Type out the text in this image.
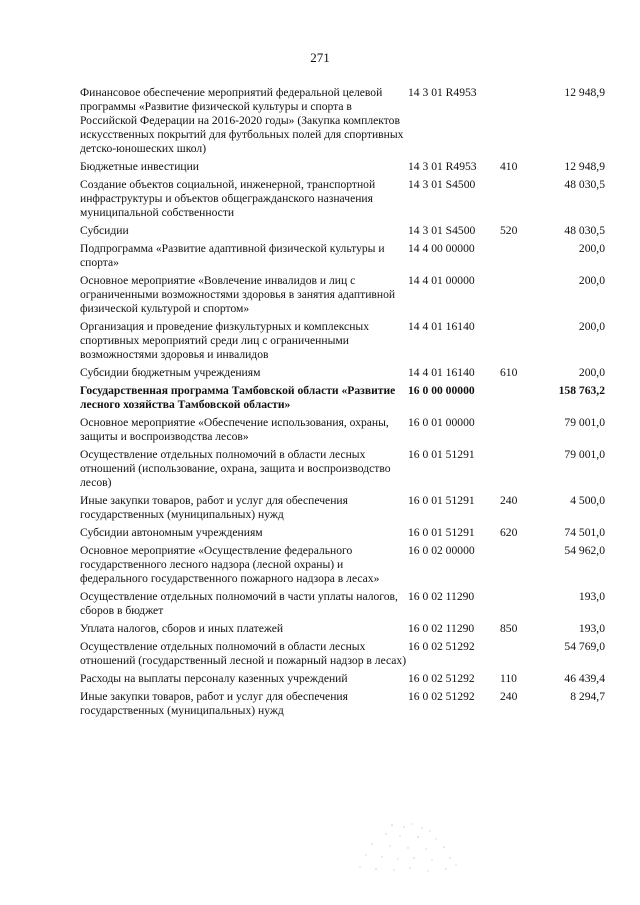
271
Финансовое обеспечение мероприятий федеральной целевой программы «Развитие физической культуры и спорта в Российской Федерации на 2016-2020 годы» (Закупка комплектов искусственных покрытий для футбольных полей для спортивных детско-юношеских школ)	14 3 01 R4953		12 948,9
Бюджетные инвестиции	14 3 01 R4953	410	12 948,9
Создание объектов социальной, инженерной, транспортной инфраструктуры и объектов общегражданского назначения муниципальной собственности	14 3 01 S4500		48 030,5
Субсидии	14 3 01 S4500	520	48 030,5
Подпрограмма «Развитие адаптивной физической культуры и спорта»	14 4 00 00000		200,0
Основное мероприятие «Вовлечение инвалидов и лиц с ограниченными возможностями здоровья в занятия адаптивной физической культурой и спортом»	14 4 01 00000		200,0
Организация и проведение физкультурных и комплексных спортивных мероприятий среди лиц с ограниченными возможностями здоровья и инвалидов	14 4 01 16140		200,0
Субсидии бюджетным учреждениям	14 4 01 16140	610	200,0
Государственная программа Тамбовской области «Развитие лесного хозяйства Тамбовской области»	16 0 00 00000		158 763,2
Основное мероприятие «Обеспечение использования, охраны, защиты и воспроизводства лесов»	16 0 01 00000		79 001,0
Осуществление отдельных полномочий в области лесных отношений (использование, охрана, защита и воспроизводство лесов)	16 0 01 51291		79 001,0
Иные закупки товаров, работ и услуг для обеспечения государственных (муниципальных) нужд	16 0 01 51291	240	4 500,0
Субсидии автономным учреждениям	16 0 01 51291	620	74 501,0
Основное мероприятие «Осуществление федерального государственного лесного надзора (лесной охраны) и федерального государственного пожарного надзора в лесах»	16 0 02 00000		54 962,0
Осуществление отдельных полномочий в части уплаты налогов, сборов в бюджет	16 0 02 11290		193,0
Уплата налогов, сборов и иных платежей	16 0 02 11290	850	193,0
Осуществление отдельных полномочий в области лесных отношений (государственный лесной и пожарный надзор в лесах)	16 0 02 51292		54 769,0
Расходы на выплаты персоналу казенных учреждений	16 0 02 51292	110	46 439,4
Иные закупки товаров, работ и услуг для обеспечения государственных (муниципальных) нужд	16 0 02 51292	240	8 294,7
